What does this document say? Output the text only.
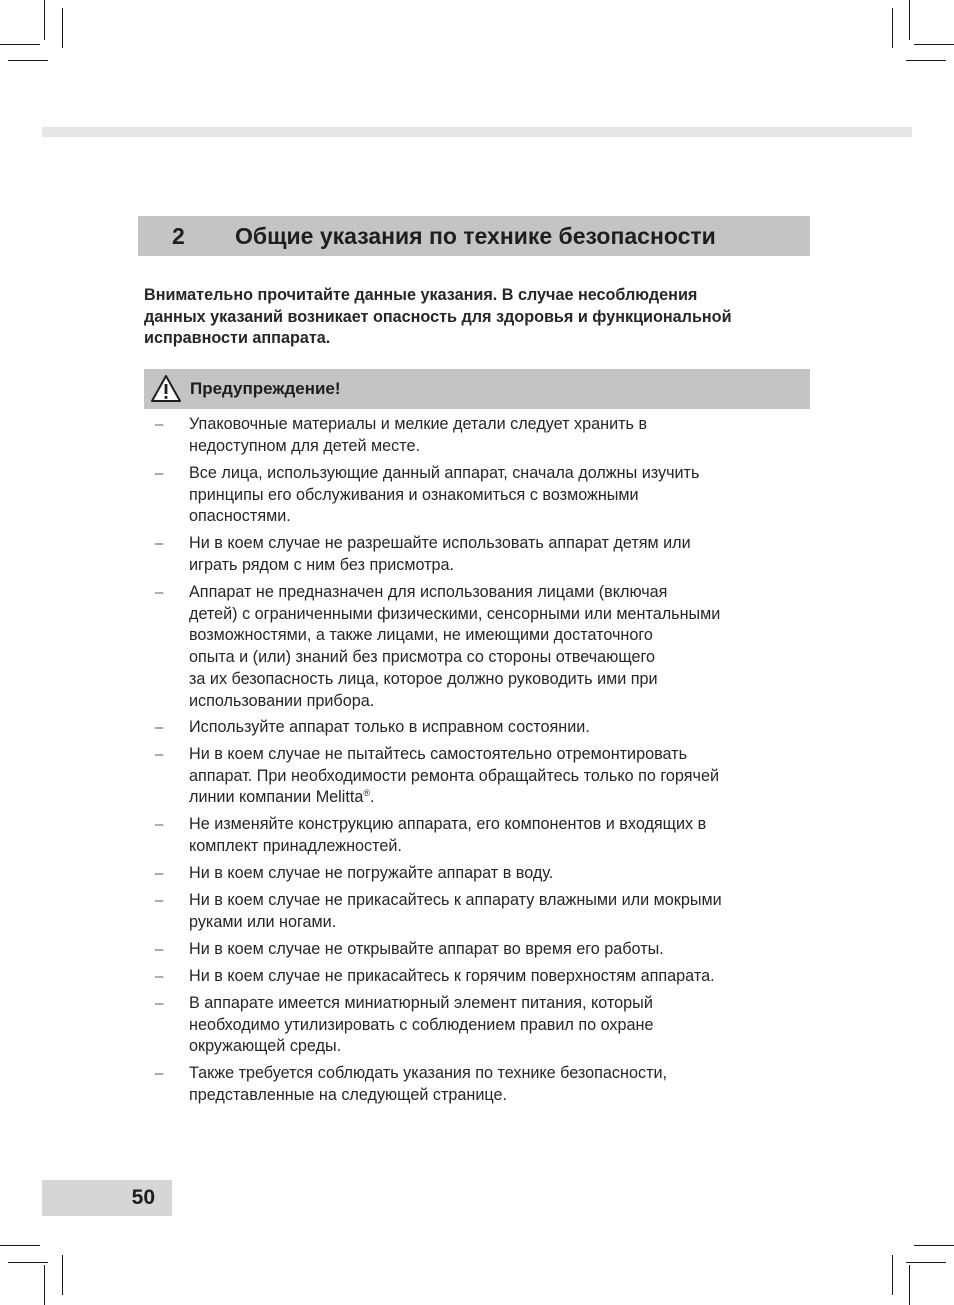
2	Общие указания по технике безопасности
Внимательно прочитайте данные указания. В случае несоблюдения
данных указаний возникает опасность для здоровья и функциональной
исправности аппарата.
Предупреждение!
– Упаковочные материалы и мелкие детали следует хранить в
недоступном для детей месте.
– Все лица, использующие данный аппарат, сначала должны изучить
принципы его обслуживания и ознакомиться с возможными
опасностями.
– Ни в коем случае не разрешайте использовать аппарат детям или
играть рядом с ним без присмотра.
– Аппарат не предназначен для использования лицами (включая
детей) с ограниченными физическими, сенсорными или ментальными
возможностями, а также лицами, не имеющими достаточного
опыта и (или) знаний без присмотра со стороны отвечающего
за их безопасность лица, которое должно руководить ими при
использовании прибора.
– Используйте аппарат только в исправном состоянии.
– Ни в коем случае не пытайтесь самостоятельно отремонтировать
аппарат. При необходимости ремонта обращайтесь только по горячей
линии компании Melitta®.
– Не изменяйте конструкцию аппарата, его компонентов и входящих в
комплект принадлежностей.
– Ни в коем случае не погружайте аппарат в воду.
– Ни в коем случае не прикасайтесь к аппарату влажными или мокрыми
руками или ногами.
– Ни в коем случае не открывайте аппарат во время его работы.
– Ни в коем случае не прикасайтесь к горячим поверхностям аппарата.
– В аппарате имеется миниатюрный элемент питания, который
необходимо утилизировать с соблюдением правил по охране
окружающей среды.
– Также требуется соблюдать указания по технике безопасности,
представленные на следующей странице.
50
